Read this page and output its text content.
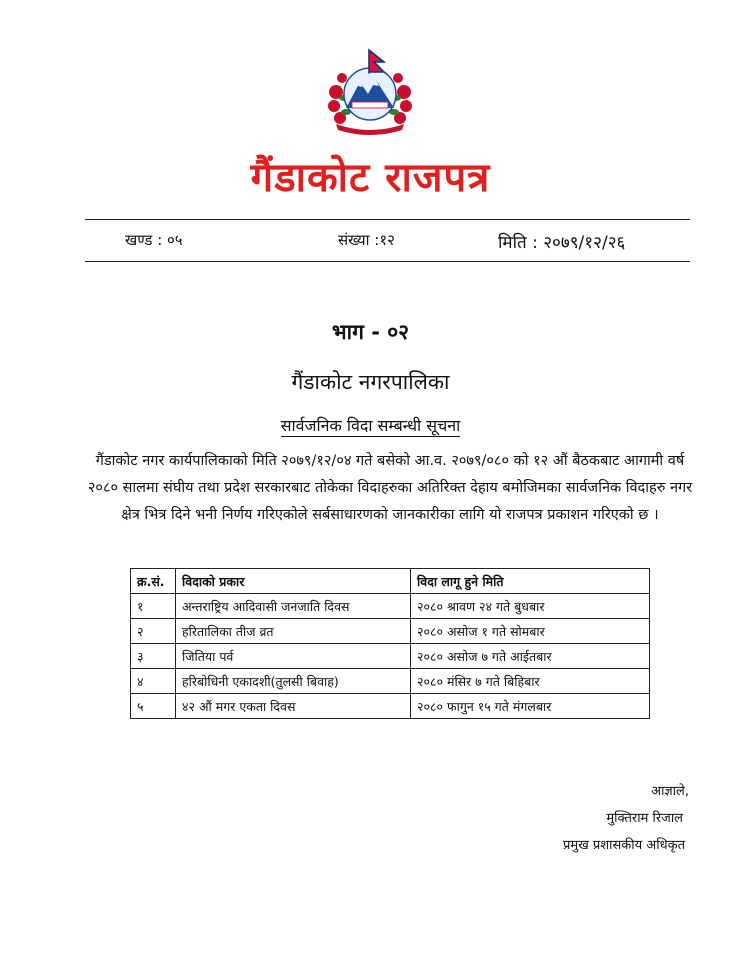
गैंडाकोट राजपत्र
खण्ड : ०५	संख्या :१२	मिति : २०७९/१२/२६
भाग - ०२
गैंडाकोट नगरपालिका
सार्वजनिक विदा सम्बन्धी सूचना
गैंडाकोट नगर कार्यपालिकाको मिति २०७९/१२/०४ गते बसेको आ.व. २०७९/०८० को १२ औं बैठकबाट आगामी वर्ष २०८० सालमा संघीय तथा प्रदेश सरकारबाट तोकेका विदाहरुका अतिरिक्त देहाय बमोजिमका सार्वजनिक विदाहरु नगर क्षेत्र भित्र दिने भनी निर्णय गरिएकोले सर्बसाधारणको जानकारीका लागि यो राजपत्र प्रकाशन गरिएको छ ।
क्र.सं.	विदाको प्रकार	विदा लागू हुने मिति
१	अन्तराष्ट्रिय आदिवासी जनजाति दिवस	२०८० श्रावण २४ गते बुधबार
२	हरितालिका तीज व्रत	२०८० असोज १ गते सोमबार
३	जितिया पर्व	२०८० असोज ७ गते आईतबार
४	हरिबोधिनी एकादशी(तुलसी बिवाह)	२०८० मंसिर ७ गते बिहिबार
५	४२ औं मगर एकता दिवस	२०८० फागुन १५ गते मंगलबार
आज्ञाले,
मुक्तिराम रिजाल
प्रमुख प्रशासकीय अधिकृत
